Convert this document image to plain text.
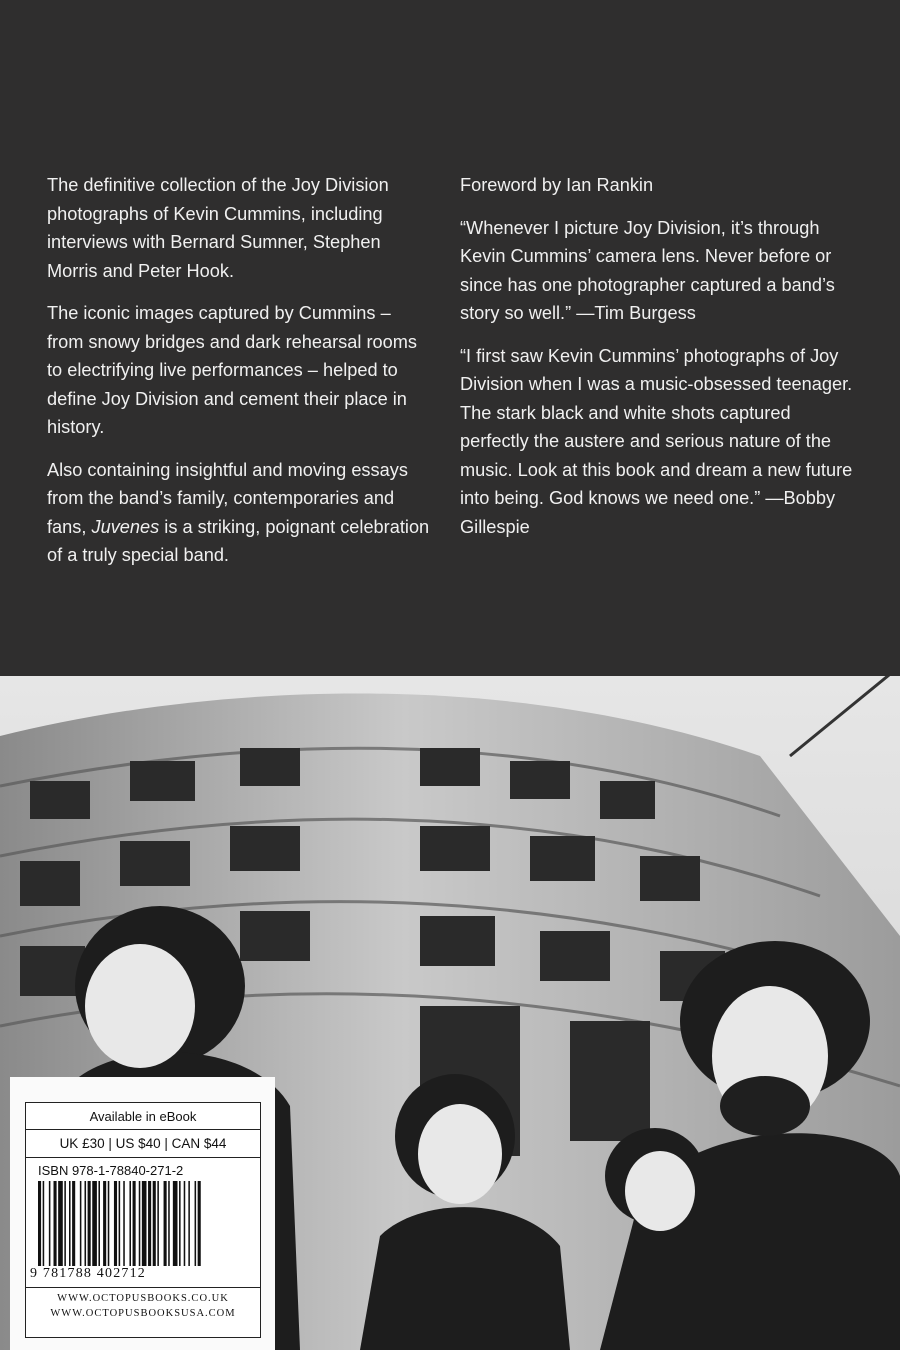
The definitive collection of the Joy Division photographs of Kevin Cummins, including interviews with Bernard Sumner, Stephen Morris and Peter Hook.

The iconic images captured by Cummins – from snowy bridges and dark rehearsal rooms to electrifying live performances – helped to define Joy Division and cement their place in history.

Also containing insightful and moving essays from the band’s family, contemporaries and fans, Juvenes is a striking, poignant celebration of a truly special band.

Foreword by Ian Rankin

“Whenever I picture Joy Division, it’s through Kevin Cummins’ camera lens. Never before or since has one photographer captured a band’s story so well.” —Tim Burgess

“I first saw Kevin Cummins’ photographs of Joy Division when I was a music-obsessed teenager. The stark black and white shots captured perfectly the austere and serious nature of the music. Look at this book and dream a new future into being. God knows we need one.” —Bobby Gillespie

Available in eBook
UK £30 | US $40 | CAN $44
ISBN 978-1-78840-271-2
9 781788 402712
WWW.OCTOPUSBOOKS.CO.UK
WWW.OCTOPUSBOOKSUSA.COM
